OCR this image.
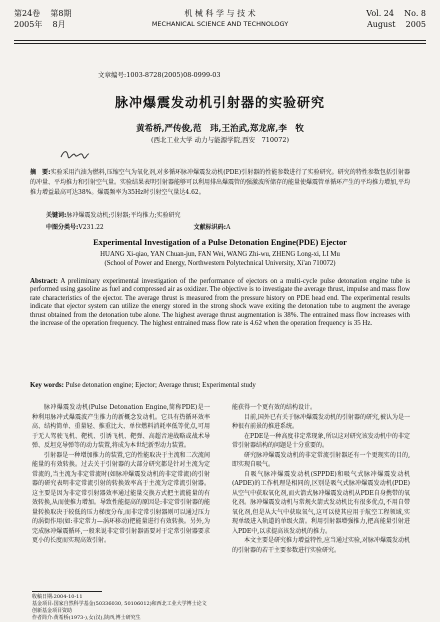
第24卷 第8期
2005年 8月
机 械 科 学 与 技 术
MECHANICAL SCIENCE AND TECHNOLOGY
Vol. 24 No. 8
August 2005
文章编号:1003-8728(2005)08-0999-03
脉冲爆震发动机引射器的实验研究
黄希桥,严传俊,范　玮,王治武,郑龙席,李　牧
(西北工业大学 动力与能源学院,西安　710072)
摘　要:实验采用汽油为燃料,压缩空气为氧化剂,对多循环脉冲爆震发动机(PDE)引射器的性能参数进行了实验研究。研究的特性参数包括引射器的冲量、平均推力和引射空气量。实验结果表明引射器能够可以利用排出爆震管的强激波所储存的能量使爆震管单循环产生的平均推力增加,平均推力增益最高可达38%。爆震频率为35Hz时引射空气量达4.62。
关键词:脉冲爆震发动机;引射器;平均推力;实验研究
中图分类号:V231.22	文献标识码:A
Experimental Investigation of a Pulse Detonation Engine(PDE) Ejector
HUANG Xi-qiao, YAN Chuan-jun, FAN Wei, WANG Zhi-wu, ZHENG Long-xi, LI Mu
(School of Power and Energy, Northwestern Polytechnical University, Xi'an 710072)
Abstract: A preliminary experimental investigation of the performance of ejectors on a multi-cycle pulse detonation engine tube is performed using gasoline as fuel and compressed air as oxidizer. The objective is to investigate the average thrust, impulse and mass flow rate characteristics of the ejector. The average thrust is measured from the pressure history on PDE head end. The experimental results indicate that ejector system can utilize the energy stored in the strong shock wave exiting the detonation tube to augment the average thrust obtained from the detonation tube alone. The highest average thrust augmentation is 38%. The entrained mass flow increases with the increase of the operation frequency. The highest entrained mass flow rate is 4.62 when the operation frequency is 35 Hz.
Key words: Pulse detonation engine; Ejector; Average thrust; Experimental study

脉冲爆震发动机(Pulse Detonation Engine,简称PDE)是一种利用脉冲式爆震波产生推力的新概念发动机。它具有热循环效率高、结构简单、重量轻、推重比大、单位燃料消耗率低等优点,可用于无人驾驶飞机、靶机、引诱飞机、靶弹、高超音速战略或战术导弹、反坦克导弹等的动力装置,将成为本世纪新型动力装置。

引射器是一种增加推力的装置,它的性能取决于主流和二次流间能量的有效转换。过去关于引射器的大部分研究都是针对主流为定常流的,当主流为非定常流时(如脉冲爆震发动机的非定常流)的引射器的研究表明非定常流引射的转换效率高于主流为定常流引射器。这主要是因为非定常引射器效率通过能量交换方式把主流能量的有效转换,从而使推力增加。导致性能提高的原因是:非定常引射器的能量转换取决于较低的压力梯度分布,而非定常引射器则可以通过压力的涡街作用(如:非定常力—涡环移动)把能量进行有效转换。另外,为完成脉冲爆震循环,一般来说非定常引射器需要对于定常引射器要求更小的长度而实现高效引射。

能获得一个更有效的结构设计。

目前,国外已有关于脉冲爆震发动机的引射器的研究,被认为是一种很有前景的推进系统。

在PDE是一种高度非定常现象,所以这对研究该发动机中的非定常引射器结构的问题是十分重要的。

研究脉冲爆震发动机的非定常流引射器还有一个更现实的目的,即实现自吸气。

自吸气脉冲爆震发动机(SPPDE)和吸气式脉冲爆震发动机(APDE)的工作机理是相同的,区别是吸气式脉冲爆震发动机(PDE)从空气中获取氧化剂,而火箭式脉冲爆震发动机从PDE自身携带的氧化剂。脉冲爆震发动机与常规火箭式发动机比有很多优点,不用自带氧化剂,但是从大气中获取氧气,这可以使其应用于航空工程领域,实现单级进入轨道的单级火箭。利用引射器增强推力,把高能量引射进入PDE中,以求提高该发动机的推力。

本文主要是研究推力增益特性,应当通过实验,对脉冲爆震发动机的引射器的若干主要参数进行实验研究。

收稿日期:2004-10-11
基金项目:国家自然科学基金(50336030, 50106012)和西北工业大学博士论文创新基金项目资助
作者简介:黄希桥(1973-),女(汉),陕西,博士研究生
